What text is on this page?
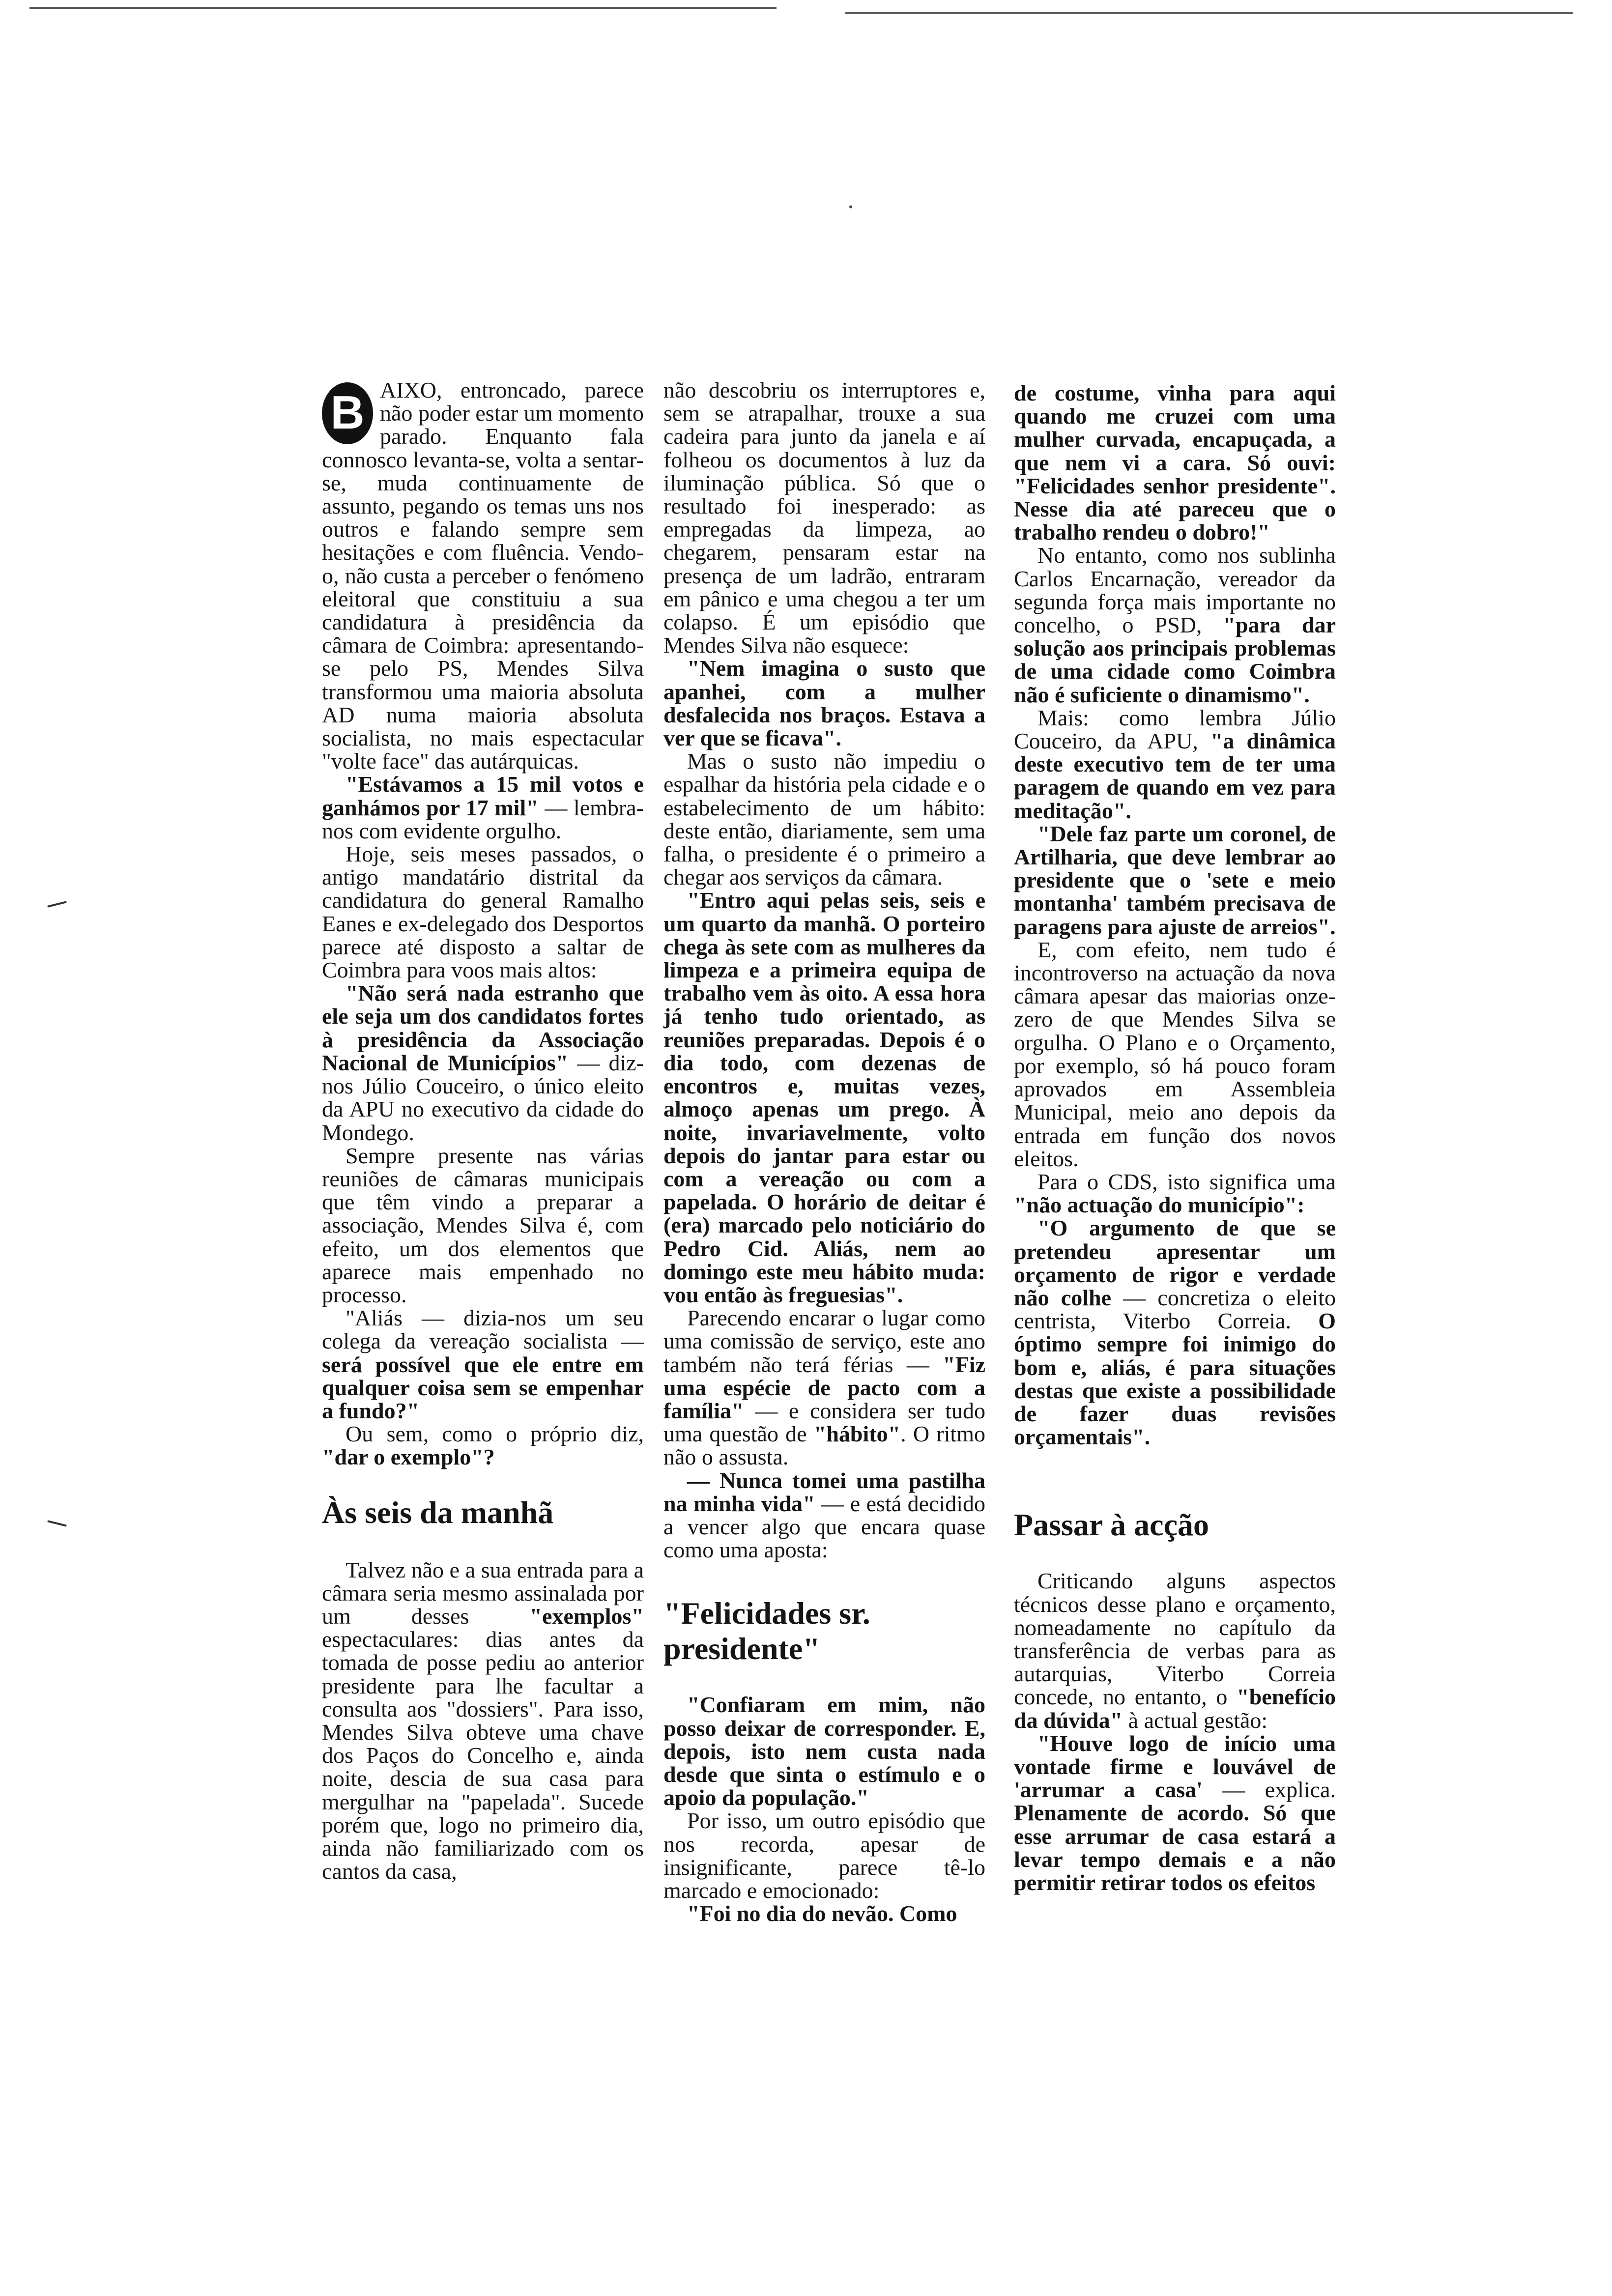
B AIXO, entroncado, parece não poder estar um momento parado. Enquanto fala connosco levanta-se, volta a sentar-se, muda continuamente de assunto, pegando os temas uns nos outros e falando sempre sem hesitações e com fluência. Vendo-o, não custa a perceber o fenómeno eleitoral que constituiu a sua candidatura à presidência da câmara de Coimbra: apresentando-se pelo PS, Mendes Silva transformou uma maioria absoluta AD numa maioria absoluta socialista, no mais espectacular "volte face" das autárquicas.

"Estávamos a 15 mil votos e ganhámos por 17 mil" — lembra-nos com evidente orgulho.

Hoje, seis meses passados, o antigo mandatário distrital da candidatura do general Ramalho Eanes e ex-delegado dos Desportos parece até disposto a saltar de Coimbra para voos mais altos:

"Não será nada estranho que ele seja um dos candidatos fortes à presidência da Associação Nacional de Municípios" — diz-nos Júlio Couceiro, o único eleito da APU no executivo da cidade do Mondego.

Sempre presente nas várias reuniões de câmaras municipais que têm vindo a preparar a associação, Mendes Silva é, com efeito, um dos elementos que aparece mais empenhado no processo.

"Aliás — dizia-nos um seu colega da vereação socialista — será possível que ele entre em qualquer coisa sem se empenhar a fundo?"

Ou sem, como o próprio diz, "dar o exemplo"?

Às seis da manhã

Talvez não e a sua entrada para a câmara seria mesmo assinalada por um desses "exemplos" espectaculares: dias antes da tomada de posse pediu ao anterior presidente para lhe facultar a consulta aos "dossiers". Para isso, Mendes Silva obteve uma chave dos Paços do Concelho e, ainda noite, descia de sua casa para mergulhar na "papelada". Sucede porém que, logo no primeiro dia, ainda não familiarizado com os cantos da casa,

não descobriu os interruptores e, sem se atrapalhar, trouxe a sua cadeira para junto da janela e aí folheou os documentos à luz da iluminação pública. Só que o resultado foi inesperado: as empregadas da limpeza, ao chegarem, pensaram estar na presença de um ladrão, entraram em pânico e uma chegou a ter um colapso. É um episódio que Mendes Silva não esquece:

"Nem imagina o susto que apanhei, com a mulher desfalecida nos braços. Estava a ver que se ficava".

Mas o susto não impediu o espalhar da história pela cidade e o estabelecimento de um hábito: deste então, diariamente, sem uma falha, o presidente é o primeiro a chegar aos serviços da câmara.

"Entro aqui pelas seis, seis e um quarto da manhã. O porteiro chega às sete com as mulheres da limpeza e a primeira equipa de trabalho vem às oito. A essa hora já tenho tudo orientado, as reuniões preparadas. Depois é o dia todo, com dezenas de encontros e, muitas vezes, almoço apenas um prego. À noite, invariavelmente, volto depois do jantar para estar ou com a vereação ou com a papelada. O horário de deitar é (era) marcado pelo noticiário do Pedro Cid. Aliás, nem ao domingo este meu hábito muda: vou então às freguesias".

Parecendo encarar o lugar como uma comissão de serviço, este ano também não terá férias — "Fiz uma espécie de pacto com a família" — e considera ser tudo uma questão de "hábito". O ritmo não o assusta.

— Nunca tomei uma pastilha na minha vida" — e está decidido a vencer algo que encara quase como uma aposta:

"Felicidades sr. presidente"

"Confiaram em mim, não posso deixar de corresponder. E, depois, isto nem custa nada desde que sinta o estímulo e o apoio da população."

Por isso, um outro episódio que nos recorda, apesar de insignificante, parece tê-lo marcado e emocionado:

"Foi no dia do nevão. Como

de costume, vinha para aqui quando me cruzei com uma mulher curvada, encapuçada, a que nem vi a cara. Só ouvi: "Felicidades senhor presidente". Nesse dia até pareceu que o trabalho rendeu o dobro!"

No entanto, como nos sublinha Carlos Encarnação, vereador da segunda força mais importante no concelho, o PSD, "para dar solução aos principais problemas de uma cidade como Coimbra não é suficiente o dinamismo".

Mais: como lembra Júlio Couceiro, da APU, "a dinâmica deste executivo tem de ter uma paragem de quando em vez para meditação".

"Dele faz parte um coronel, de Artilharia, que deve lembrar ao presidente que o 'sete e meio montanha' também precisava de paragens para ajuste de arreios".

E, com efeito, nem tudo é incontroverso na actuação da nova câmara apesar das maiorias onze-zero de que Mendes Silva se orgulha. O Plano e o Orçamento, por exemplo, só há pouco foram aprovados em Assembleia Municipal, meio ano depois da entrada em função dos novos eleitos.

Para o CDS, isto significa uma "não actuação do município":

"O argumento de que se pretendeu apresentar um orçamento de rigor e verdade não colhe — concretiza o eleito centrista, Viterbo Correia. O óptimo sempre foi inimigo do bom e, aliás, é para situações destas que existe a possibilidade de fazer duas revisões orçamentais".

Passar à acção

Criticando alguns aspectos técnicos desse plano e orçamento, nomeadamente no capítulo da transferência de verbas para as autarquias, Viterbo Correia concede, no entanto, o "benefício da dúvida" à actual gestão:

"Houve logo de início uma vontade firme e louvável de 'arrumar a casa' — explica. Plenamente de acordo. Só que esse arrumar de casa estará a levar tempo demais e a não permitir retirar todos os efeitos
